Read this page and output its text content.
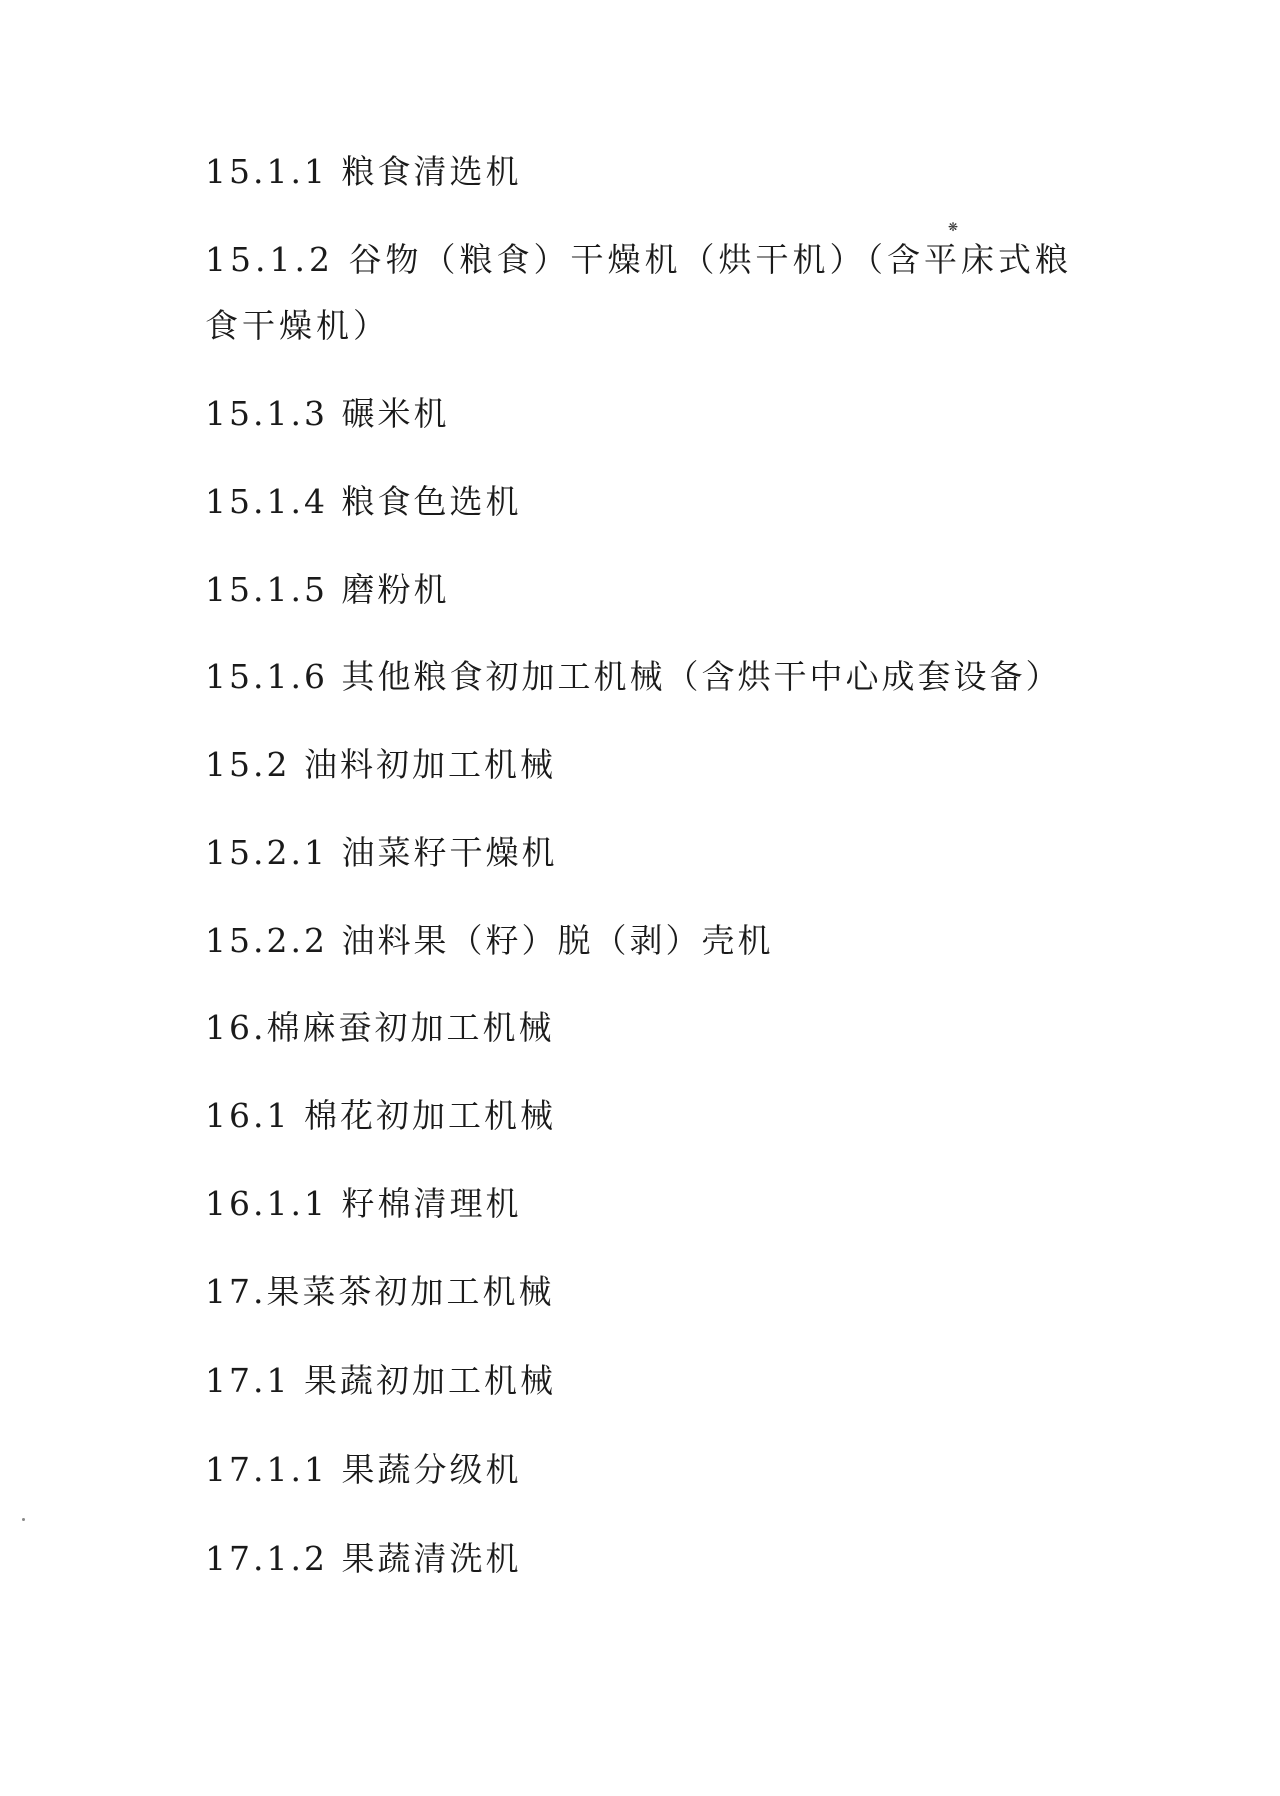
15.1.1 粮食清选机
15.1.2 谷物（粮食）干燥机（烘干机）（含平床式粮食干燥机）
❋
15.1.3 碾米机
15.1.4 粮食色选机
15.1.5 磨粉机
15.1.6 其他粮食初加工机械（含烘干中心成套设备）
15.2 油料初加工机械
15.2.1 油菜籽干燥机
15.2.2 油料果（籽）脱（剥）壳机
16.棉麻蚕初加工机械
16.1 棉花初加工机械
16.1.1 籽棉清理机
17.果菜茶初加工机械
17.1 果蔬初加工机械
17.1.1 果蔬分级机
17.1.2 果蔬清洗机
